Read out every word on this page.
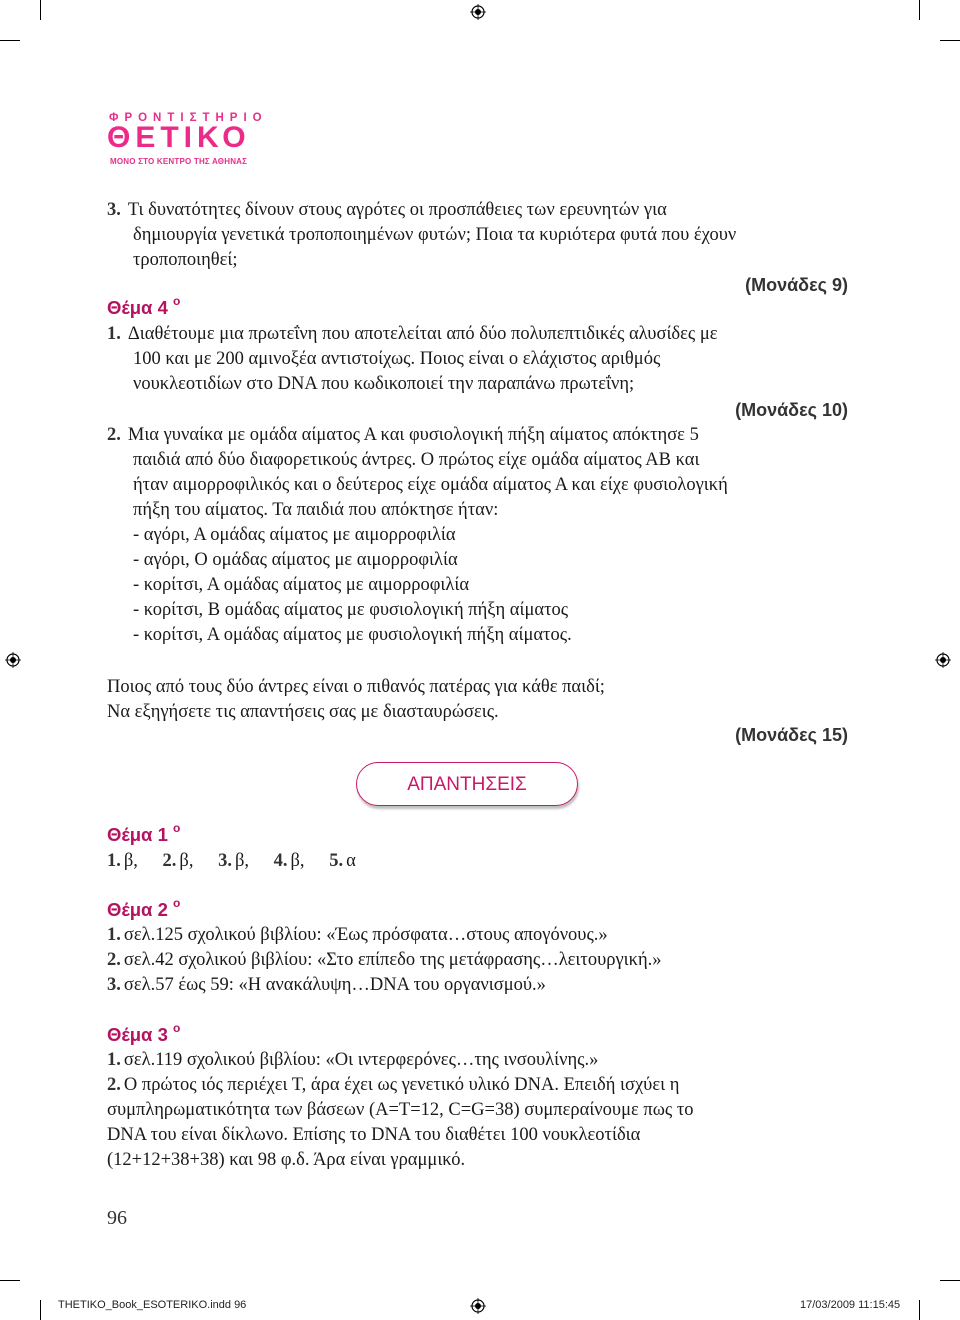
ΦΡΟΝΤΙΣΤΗΡΙΟ
ΘΕΤΙΚΟ
ΜΟΝΟ ΣΤΟ ΚΕΝΤΡΟ ΤΗΣ ΑΘΗΝΑΣ
3. Τι δυνατότητες δίνουν στους αγρότες οι προσπάθειες των ερευνητών για
δημιουργία γενετικά τροποποιημένων φυτών; Ποια τα κυριότερα φυτά που έχουν
τροποποιηθεί;
(Μονάδες 9)
Θέμα 4 $^o$
1. Διαθέτουμε μια πρωτεΐνη που αποτελείται από δύο πολυπεπτιδικές αλυσίδες με
100 και με 200 αμινοξέα αντιστοίχως. Ποιος είναι ο ελάχιστος αριθμός
νουκλεοτιδίων στο DNA που κωδικοποιεί την παραπάνω πρωτεΐνη;
(Μονάδες 10)
2. Μια γυναίκα με ομάδα αίματος Α και φυσιολογική πήξη αίματος απόκτησε 5
παιδιά από δύο διαφορετικούς άντρες. Ο πρώτος είχε ομάδα αίματος ΑΒ και
ήταν αιμορροφιλικός και ο δεύτερος είχε ομάδα αίματος Α και είχε φυσιολογική
πήξη του αίματος. Τα παιδιά που απόκτησε ήταν:
- αγόρι, Α ομάδας αίματος με αιμορροφιλία
- αγόρι, Ο ομάδας αίματος με αιμορροφιλία
- κορίτσι, Α ομάδας αίματος με αιμορροφιλία
- κορίτσι, Β ομάδας αίματος με φυσιολογική πήξη αίματος
- κορίτσι, Α ομάδας αίματος με φυσιολογική πήξη αίματος.
Ποιος από τους δύο άντρες είναι ο πιθανός πατέρας για κάθε παιδί;
Να εξηγήσετε τις απαντήσεις σας με διασταυρώσεις.
(Μονάδες 15)
ΑΠΑΝΤΗΣΕΙΣ
Θέμα 1 $^o$
1. β, 2. β, 3. β, 4. β, 5. α
Θέμα 2 $^o$
1. σελ.125 σχολικού βιβλίου: «Έως πρόσφατα…στους απογόνους.»
2. σελ.42 σχολικού βιβλίου: «Στο επίπεδο της μετάφρασης…λειτουργική.»
3. σελ.57 έως 59: «Η ανακάλυψη…DNA του οργανισμού.»
Θέμα 3 $^o$
1. σελ.119 σχολικού βιβλίου: «Οι ιντερφερόνες…της ινσουλίνης.»
2. Ο πρώτος ιός περιέχει Τ, άρα έχει ως γενετικό υλικό DNA. Επειδή ισχύει η
συμπληρωματικότητα των βάσεων (Α=Τ=12, C=G=38) συμπεραίνουμε πως το
DNA του είναι δίκλωνο. Επίσης το DNA του διαθέτει 100 νουκλεοτίδια
(12+12+38+38) και 98 φ.δ. Άρα είναι γραμμικό.
96
THETIKO_Book_ESOTERIKO.indd 96	17/03/2009 11:15:45
